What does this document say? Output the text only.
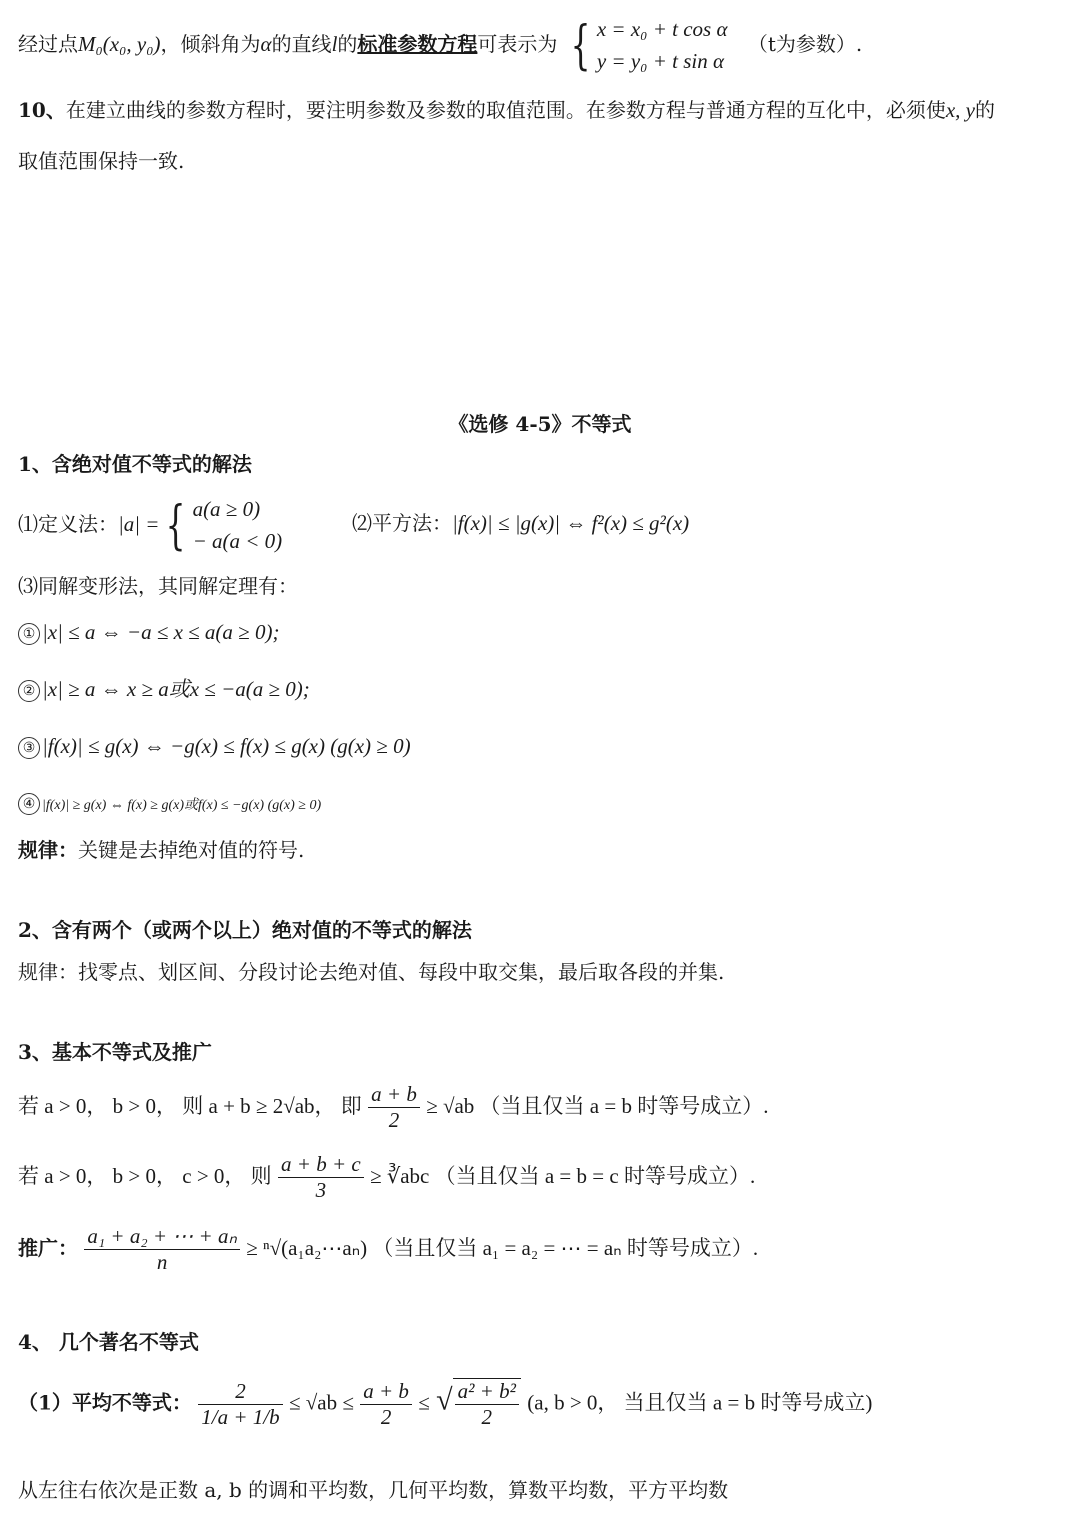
经过点M₀(x₀, y₀)，倾斜角为α的直线l的标准参数方程可表示为 { x = x₀ + t cos α
y = y₀ + t sin α
（t为参数）.
10、在建立曲线的参数方程时，要注明参数及参数的取值范围。在参数方程与普通方程的互化中，必须使x, y的
取值范围保持一致.
《选修 4-5》不等式
1、含绝对值不等式的解法
⑴定义法：|a| = { a(a ≥ 0)
− a(a < 0)
⑵平方法：|f(x)| ≤ |g(x)| ⇔ f²(x) ≤ g²(x)
⑶同解变形法，其同解定理有：
① |x| ≤ a ⇔ −a ≤ x ≤ a(a ≥ 0);
② |x| ≥ a ⇔ x ≥ a或x ≤ −a(a ≥ 0);
③ |f(x)| ≤ g(x) ⇔ −g(x) ≤ f(x) ≤ g(x) (g(x) ≥ 0)
④ |f(x)| ≥ g(x) ⇔ f(x) ≥ g(x)或f(x) ≤ −g(x) (g(x) ≥ 0)
规律：关键是去掉绝对值的符号.
2、含有两个（或两个以上）绝对值的不等式的解法
规律：找零点、划区间、分段讨论去绝对值、每段中取交集，最后取各段的并集.
3、基本不等式及推广
若 a > 0， b > 0， 则 a + b ≥ 2√ab， 即 $\frac{a + b}{2} \ge √ab$ （当且仅当 a = b 时等号成立）.
若 a > 0， b > 0， c > 0， 则 $\frac{a + b + c}{3}$ ≥ ∛abc （当且仅当 a = b = c 时等号成立）.
推广： $\frac{\text{a₁ + a₂ + ⋯ + aₙ}}{n}$ ≥ ⁿ√(a₁a₂⋯aₙ) （当且仅当 a₁ = a₂ = ⋯ = aₙ 时等号成立）.
4、 几个著名不等式
（1）平均不等式： $\frac{2}{1/a + 1/b} \le √ab \le \frac{a + b}{2}$ ≤ √ $\frac{\text{a² + b²}}{2} (a$, b > 0， 当且仅当 a = b 时等号成立)
从左往右依次是正数 a, b 的调和平均数，几何平均数，算数平均数，平方平均数
